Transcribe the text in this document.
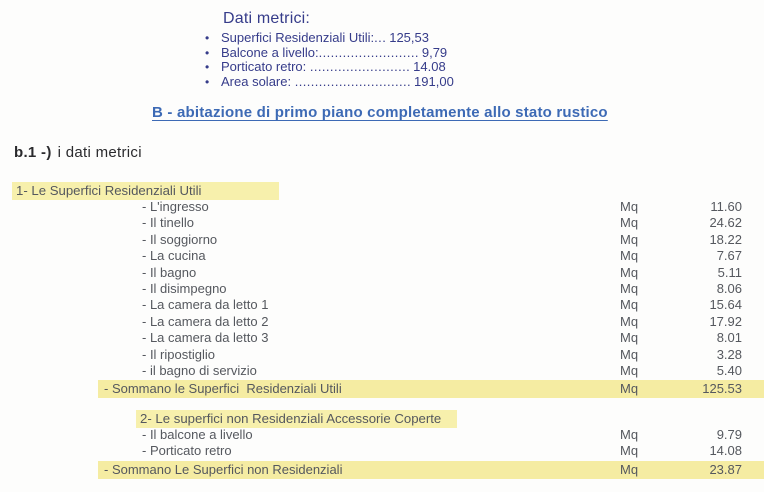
Dati metrici:
• Superfici Residenziali Utili: ... 125,53
• Balcone a livello: ......................... 9,79
• Porticato retro: ......................... 14.08
• Area solare: ............................. 191,00
B - abitazione di primo piano completamente allo stato rustico
b.1 -) i dati metrici
1- Le Superfici Residenziali Utili
- L'ingresso	Mq	11.60
- Il tinello	Mq	24.62
- Il soggiorno	Mq	18.22
- La cucina	Mq	7.67
- Il bagno	Mq	5.11
- Il disimpegno	Mq	8.06
- La camera da letto 1	Mq	15.64
- La camera da letto 2	Mq	17.92
- La camera da letto 3	Mq	8.01
- Il ripostiglio	Mq	3.28
- il bagno di servizio	Mq	5.40
- Sommano le Superfici  Residenziali Utili	Mq	125.53
2- Le superfici non Residenziali Accessorie Coperte
- Il balcone a livello	Mq	9.79
- Porticato retro	Mq	14.08
- Sommano Le Superfici non Residenziali	Mq	23.87
